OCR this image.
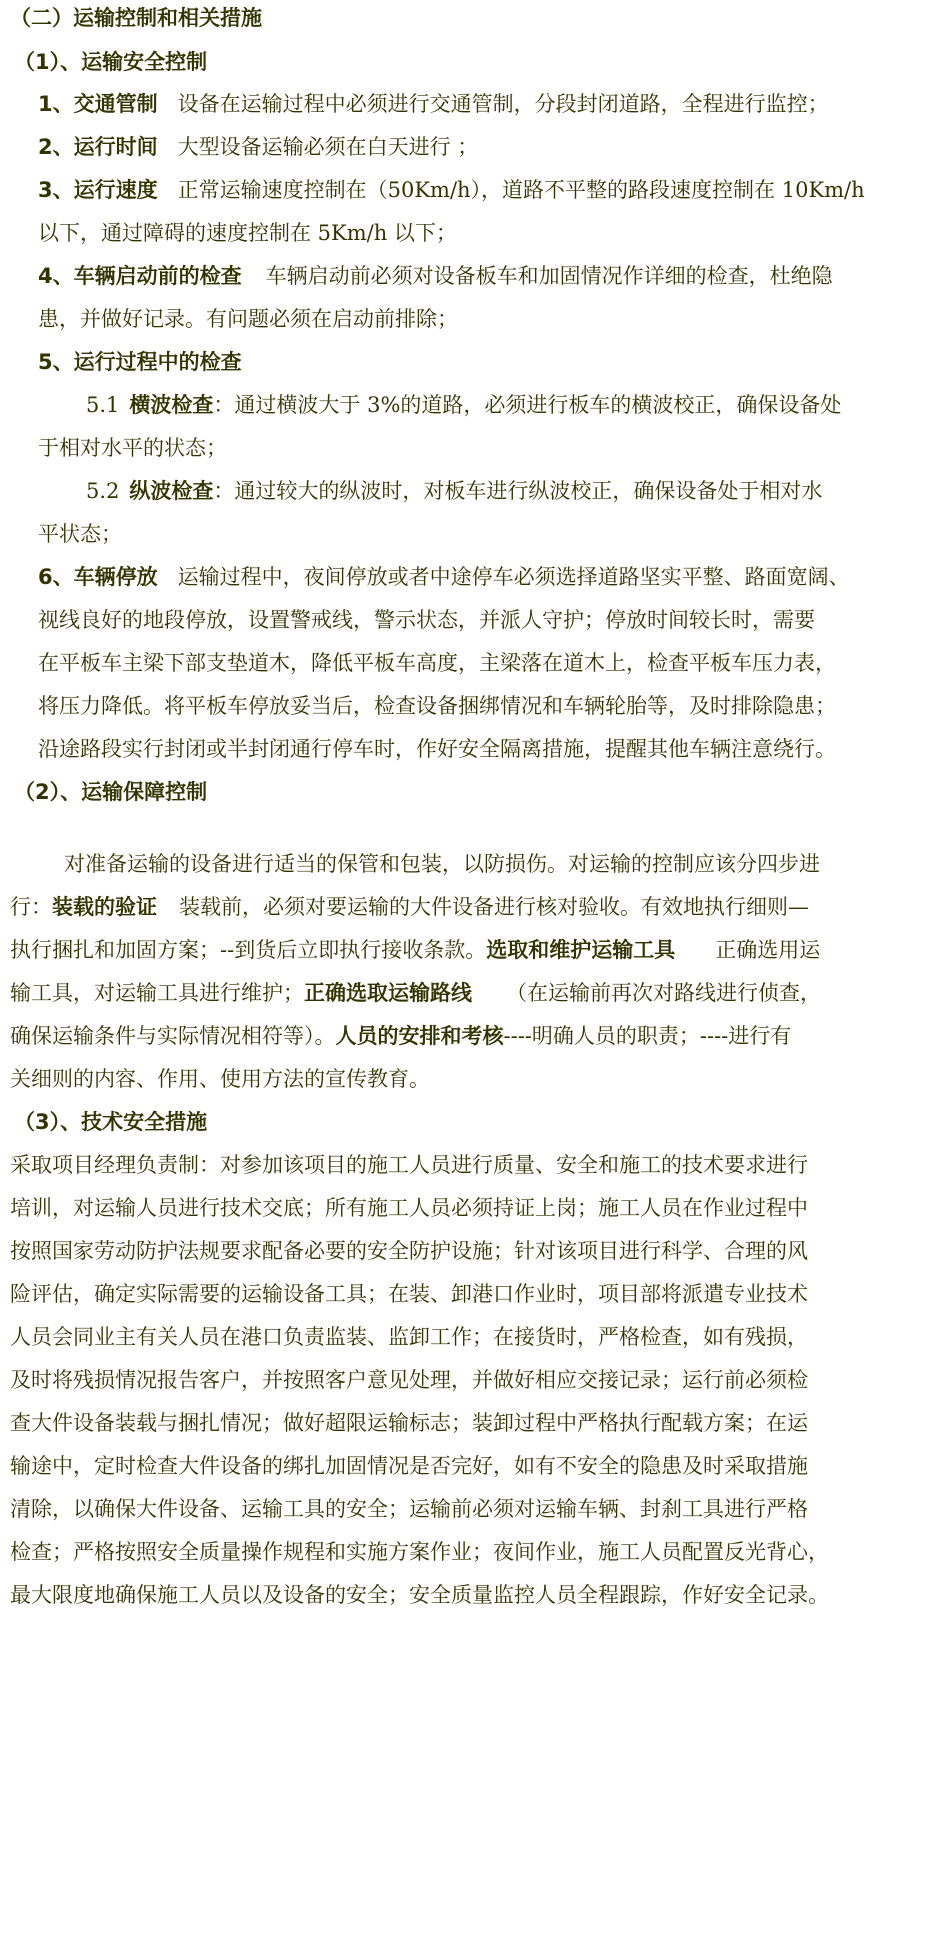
（二）运输控制和相关措施
（1）、运输安全控制
1、交通管制 设备在运输过程中必须进行交通管制，分段封闭道路，全程进行监控；
2、运行时间 大型设备运输必须在白天进行 ；
3、运行速度 正常运输速度控制在（50Km/h），道路不平整的路段速度控制在 10Km/h
以下，通过障碍的速度控制在 5Km/h 以下；
4、车辆启动前的检查 车辆启动前必须对设备板车和加固情况作详细的检查，杜绝隐
患，并做好记录。有问题必须在启动前排除；
5、运行过程中的检查
5.1 横波检查：通过横波大于 3%的道路，必须进行板车的横波校正，确保设备处
于相对水平的状态；
5.2 纵波检查：通过较大的纵波时，对板车进行纵波校正，确保设备处于相对水
平状态；
6、车辆停放 运输过程中，夜间停放或者中途停车必须选择道路坚实平整、路面宽阔、
视线良好的地段停放，设置警戒线，警示状态，并派人守护；停放时间较长时，需要
在平板车主梁下部支垫道木，降低平板车高度，主梁落在道木上，检查平板车压力表，
将压力降低。将平板车停放妥当后，检查设备捆绑情况和车辆轮胎等，及时排除隐患；
沿途路段实行封闭或半封闭通行停车时，作好安全隔离措施，提醒其他车辆注意绕行。
（2）、运输保障控制
对准备运输的设备进行适当的保管和包装，以防损伤。对运输的控制应该分四步进
行：装载的验证 装载前，必须对要运输的大件设备进行核对验收。有效地执行细则—
执行捆扎和加固方案；--到货后立即执行接收条款。选取和维护运输工具 正确选用运
输工具，对运输工具进行维护；正确选取运输路线 （在运输前再次对路线进行侦查，
确保运输条件与实际情况相符等）。人员的安排和考核----明确人员的职责；----进行有
关细则的内容、作用、使用方法的宣传教育。
（3）、技术安全措施
采取项目经理负责制：对参加该项目的施工人员进行质量、安全和施工的技术要求进行
培训，对运输人员进行技术交底；所有施工人员必须持证上岗；施工人员在作业过程中
按照国家劳动防护法规要求配备必要的安全防护设施；针对该项目进行科学、合理的风
险评估，确定实际需要的运输设备工具；在装、卸港口作业时，项目部将派遣专业技术
人员会同业主有关人员在港口负责监装、监卸工作；在接货时，严格检查，如有残损，
及时将残损情况报告客户，并按照客户意见处理，并做好相应交接记录；运行前必须检
查大件设备装载与捆扎情况；做好超限运输标志；装卸过程中严格执行配载方案；在运
输途中，定时检查大件设备的绑扎加固情况是否完好，如有不安全的隐患及时采取措施
清除，以确保大件设备、运输工具的安全；运输前必须对运输车辆、封刹工具进行严格
检查；严格按照安全质量操作规程和实施方案作业；夜间作业，施工人员配置反光背心，
最大限度地确保施工人员以及设备的安全；安全质量监控人员全程跟踪，作好安全记录。
